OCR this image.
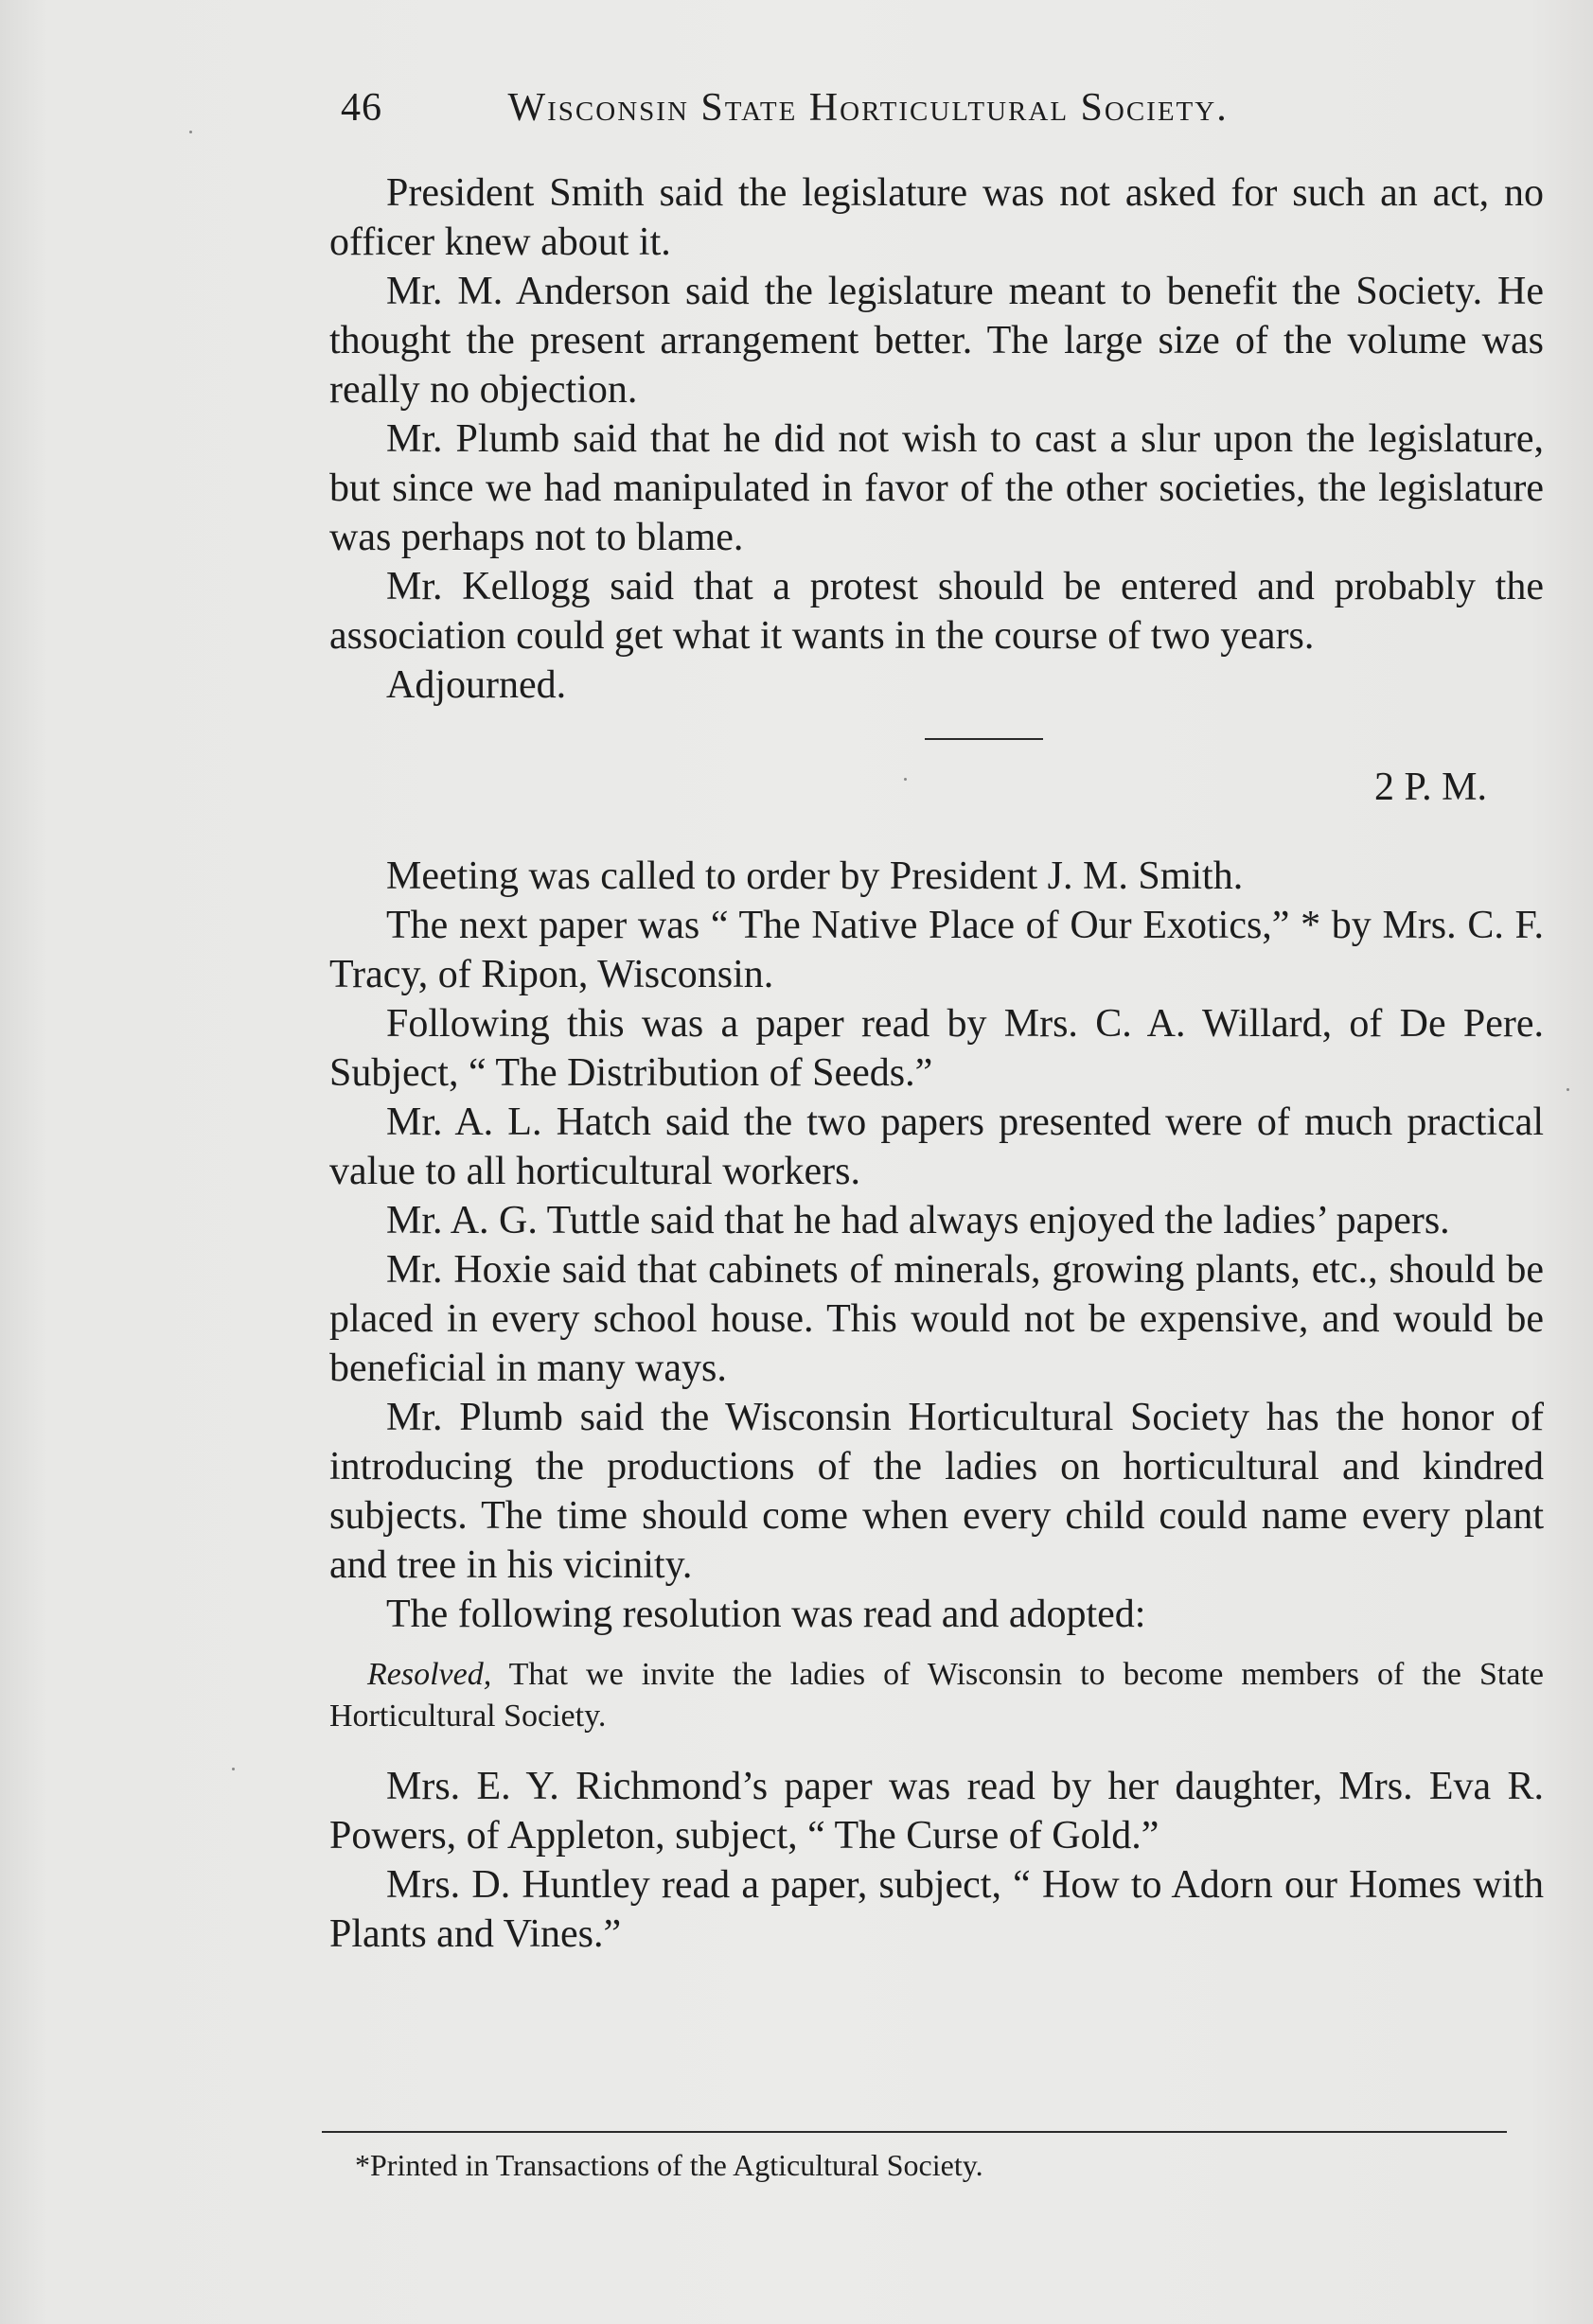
46	Wisconsin State Horticultural Society.

President Smith said the legislature was not asked for such an act, no officer knew about it.

Mr. M. Anderson said the legislature meant to benefit the Society. He thought the present arrangement better. The large size of the volume was really no objection.

Mr. Plumb said that he did not wish to cast a slur upon the legislature, but since we had manipulated in favor of the other societies, the legislature was perhaps not to blame.

Mr. Kellogg said that a protest should be entered and probably the association could get what it wants in the course of two years.

Adjourned.

2 P. M.

Meeting was called to order by President J. M. Smith.

The next paper was “ The Native Place of Our Exotics,” * by Mrs. C. F. Tracy, of Ripon, Wisconsin.

Following this was a paper read by Mrs. C. A. Willard, of De Pere. Subject, “ The Distribution of Seeds.”

Mr. A. L. Hatch said the two papers presented were of much practical value to all horticultural workers.

Mr. A. G. Tuttle said that he had always enjoyed the ladies’ papers.

Mr. Hoxie said that cabinets of minerals, growing plants, etc., should be placed in every school house. This would not be expensive, and would be beneficial in many ways.

Mr. Plumb said the Wisconsin Horticultural Society has the honor of introducing the productions of the ladies on horticultural and kindred subjects. The time should come when every child could name every plant and tree in his vicinity.

The following resolution was read and adopted:

Resolved, That we invite the ladies of Wisconsin to become members of the State Horticultural Society.

Mrs. E. Y. Richmond’s paper was read by her daughter, Mrs. Eva R. Powers, of Appleton, subject, “ The Curse of Gold.”

Mrs. D. Huntley read a paper, subject, “ How to Adorn our Homes with Plants and Vines.”

*Printed in Transactions of the Agticultural Society.
